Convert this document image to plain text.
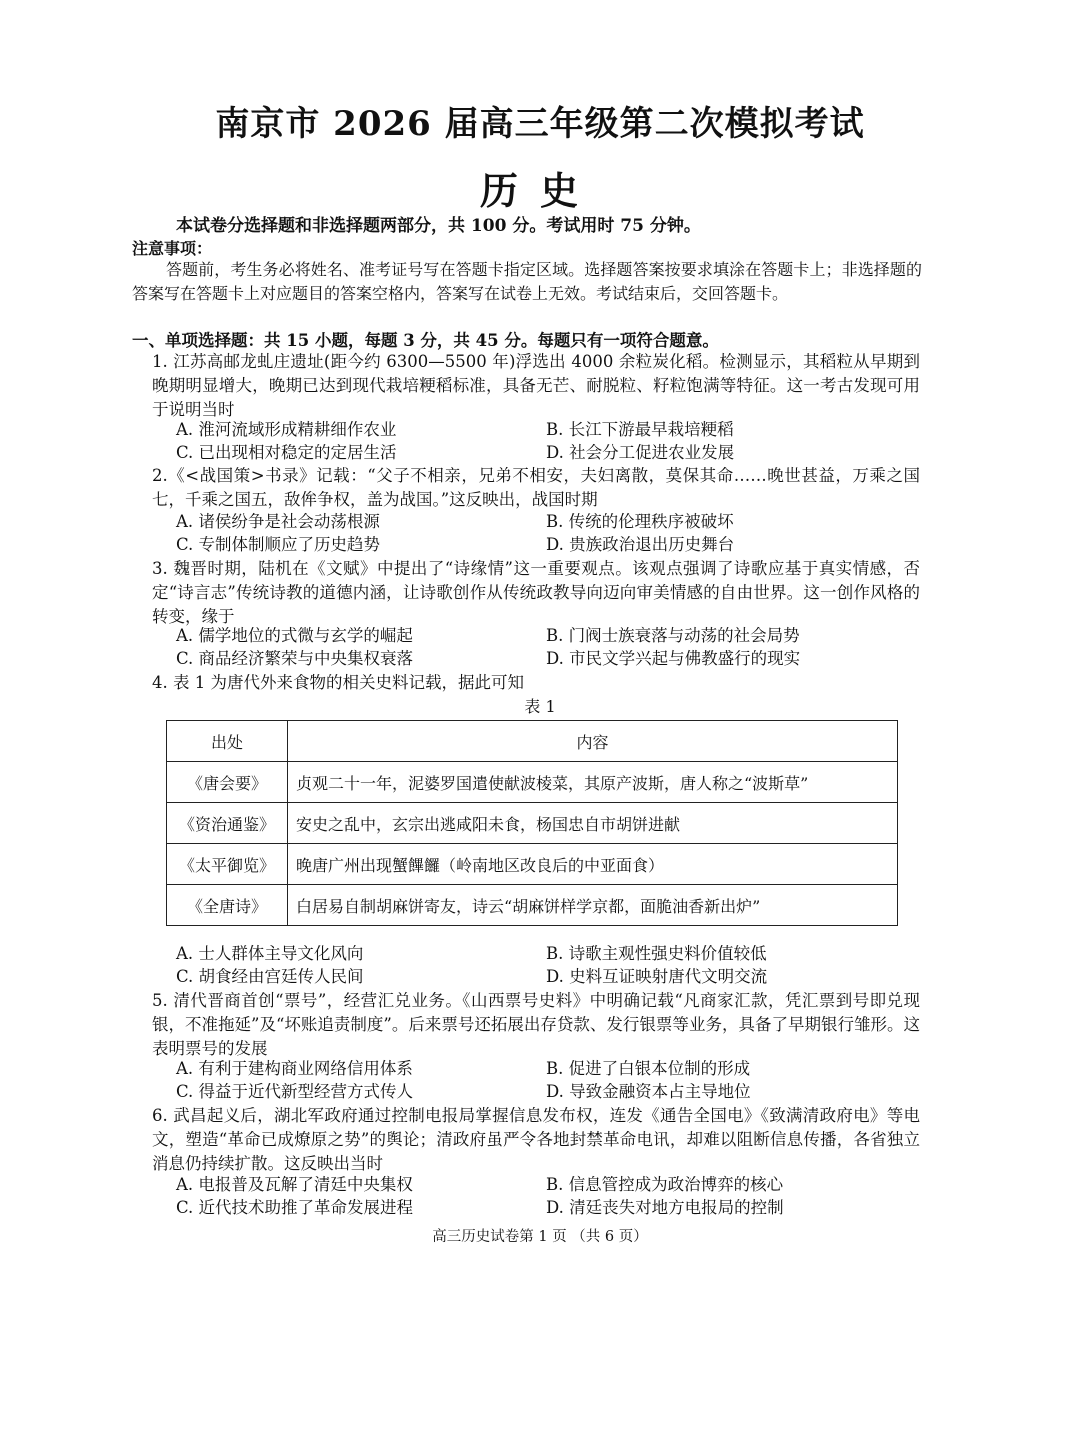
南京市 2026 届高三年级第二次模拟考试
历史
本试卷分选择题和非选择题两部分，共 100 分。考试用时 75 分钟。
注意事项：
答题前，考生务必将姓名、准考证号写在答题卡指定区域。选择题答案按要求填涂在答题卡上；非选择题的答案写在答题卡上对应题目的答案空格内，答案写在试卷上无效。考试结束后，交回答题卡。
一、单项选择题：共 15 小题，每题 3 分，共 45 分。每题只有一项符合题意。
1. 江苏高邮龙虬庄遗址(距今约 6300—5500 年)浮选出 4000 余粒炭化稻。检测显示，其稻粒从早期到晚期明显增大，晚期已达到现代栽培粳稻标准，具备无芒、耐脱粒、籽粒饱满等特征。这一考古发现可用于说明当时
A. 淮河流域形成精耕细作农业	B. 长江下游最早栽培粳稻
C. 已出现相对稳定的定居生活	D. 社会分工促进农业发展
2.《<战国策>书录》记载：“父子不相亲，兄弟不相安，夫妇离散，莫保其命……晚世甚益，万乘之国七，千乘之国五，敌侔争权，盖为战国。”这反映出，战国时期
A. 诸侯纷争是社会动荡根源	B. 传统的伦理秩序被破坏
C. 专制体制顺应了历史趋势	D. 贵族政治退出历史舞台
3. 魏晋时期，陆机在《文赋》中提出了“诗缘情”这一重要观点。该观点强调了诗歌应基于真实情感，否定“诗言志”传统诗教的道德内涵，让诗歌创作从传统政教导向迈向审美情感的自由世界。这一创作风格的转变，缘于
A. 儒学地位的式微与玄学的崛起	B. 门阀士族衰落与动荡的社会局势
C. 商品经济繁荣与中央集权衰落	D. 市民文学兴起与佛教盛行的现实
4. 表 1 为唐代外来食物的相关史料记载，据此可知
表 1
出处	内容
《唐会要》	贞观二十一年，泥婆罗国遣使献波棱菜，其原产波斯，唐人称之“波斯草”
《资治通鉴》	安史之乱中，玄宗出逃咸阳未食，杨国忠自市胡饼进献
《太平御览》	晚唐广州出现蟹饆饠（岭南地区改良后的中亚面食）
《全唐诗》	白居易自制胡麻饼寄友，诗云“胡麻饼样学京都，面脆油香新出炉”
A. 士人群体主导文化风向	B. 诗歌主观性强史料价值较低
C. 胡食经由宫廷传人民间	D. 史料互证映射唐代文明交流
5. 清代晋商首创“票号”，经营汇兑业务。《山西票号史料》中明确记载“凡商家汇款，凭汇票到号即兑现银，不准拖延”及“坏账追责制度”。后来票号还拓展出存贷款、发行银票等业务，具备了早期银行雏形。这表明票号的发展
A. 有利于建构商业网络信用体系	B. 促进了白银本位制的形成
C. 得益于近代新型经营方式传人	D. 导致金融资本占主导地位
6. 武昌起义后，湖北军政府通过控制电报局掌握信息发布权，连发《通告全国电》《致满清政府电》等电文，塑造“革命已成燎原之势”的舆论；清政府虽严令各地封禁革命电讯，却难以阻断信息传播，各省独立消息仍持续扩散。这反映出当时
A. 电报普及瓦解了清廷中央集权	B. 信息管控成为政治博弈的核心
C. 近代技术助推了革命发展进程	D. 清廷丧失对地方电报局的控制
高三历史试卷第 1 页 （共 6 页）
